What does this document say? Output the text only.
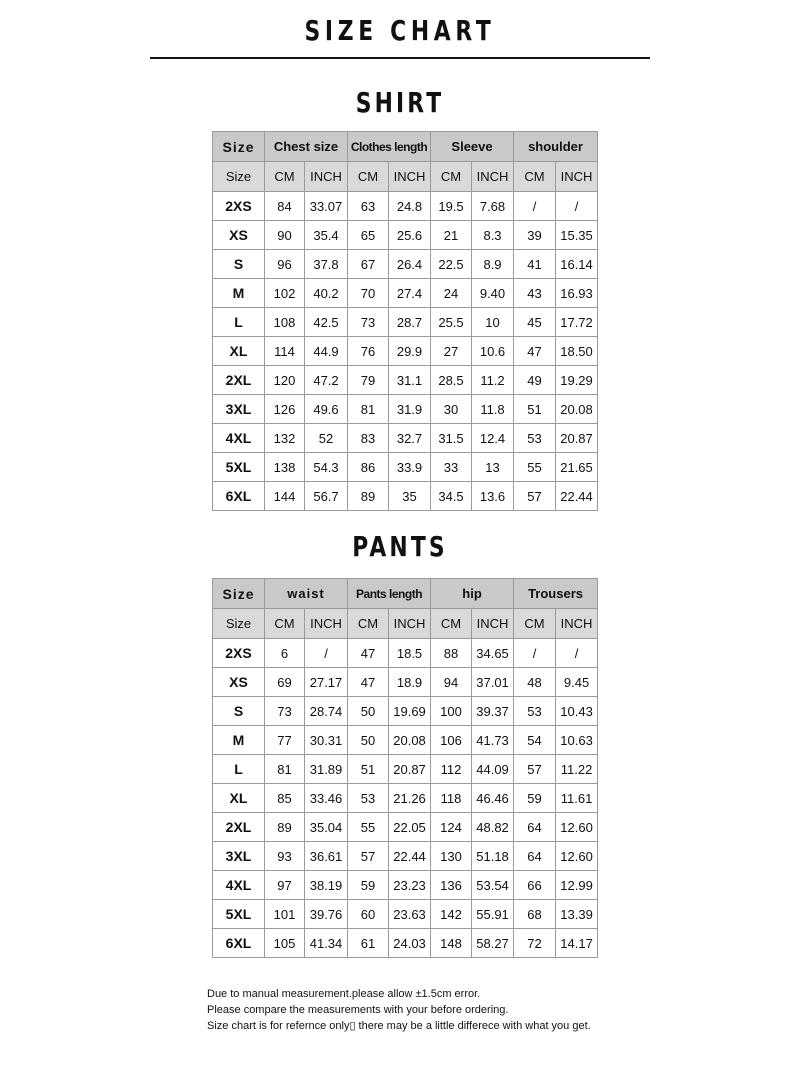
SIZE CHART
SHIRT
Size	Chest size		Clothes length		Sleeve		shoulder	
Size	CM	INCH	CM	INCH	CM	INCH	CM	INCH
2XS	84	33.07	63	24.8	19.5	7.68	/	/
XS	90	35.4	65	25.6	21	8.3	39	15.35
S	96	37.8	67	26.4	22.5	8.9	41	16.14
M	102	40.2	70	27.4	24	9.40	43	16.93
L	108	42.5	73	28.7	25.5	10	45	17.72
XL	114	44.9	76	29.9	27	10.6	47	18.50
2XL	120	47.2	79	31.1	28.5	11.2	49	19.29
3XL	126	49.6	81	31.9	30	11.8	51	20.08
4XL	132	52	83	32.7	31.5	12.4	53	20.87
5XL	138	54.3	86	33.9	33	13	55	21.65
6XL	144	56.7	89	35	34.5	13.6	57	22.44
PANTS
Size	waist		Pants length		hip		Trousers	
Size	CM	INCH	CM	INCH	CM	INCH	CM	INCH
2XS	6	/	47	18.5	88	34.65	/	/
XS	69	27.17	47	18.9	94	37.01	48	9.45
S	73	28.74	50	19.69	100	39.37	53	10.43
M	77	30.31	50	20.08	106	41.73	54	10.63
L	81	31.89	51	20.87	112	44.09	57	11.22
XL	85	33.46	53	21.26	118	46.46	59	11.61
2XL	89	35.04	55	22.05	124	48.82	64	12.60
3XL	93	36.61	57	22.44	130	51.18	64	12.60
4XL	97	38.19	59	23.23	136	53.54	66	12.99
5XL	101	39.76	60	23.63	142	55.91	68	13.39
6XL	105	41.34	61	24.03	148	58.27	72	14.17
Due to manual measurement.please allow ±1.5cm error.
Please compare the measurements with your before ordering.
Size chart is for refernce only▯ there may be a little differece with what you get.
